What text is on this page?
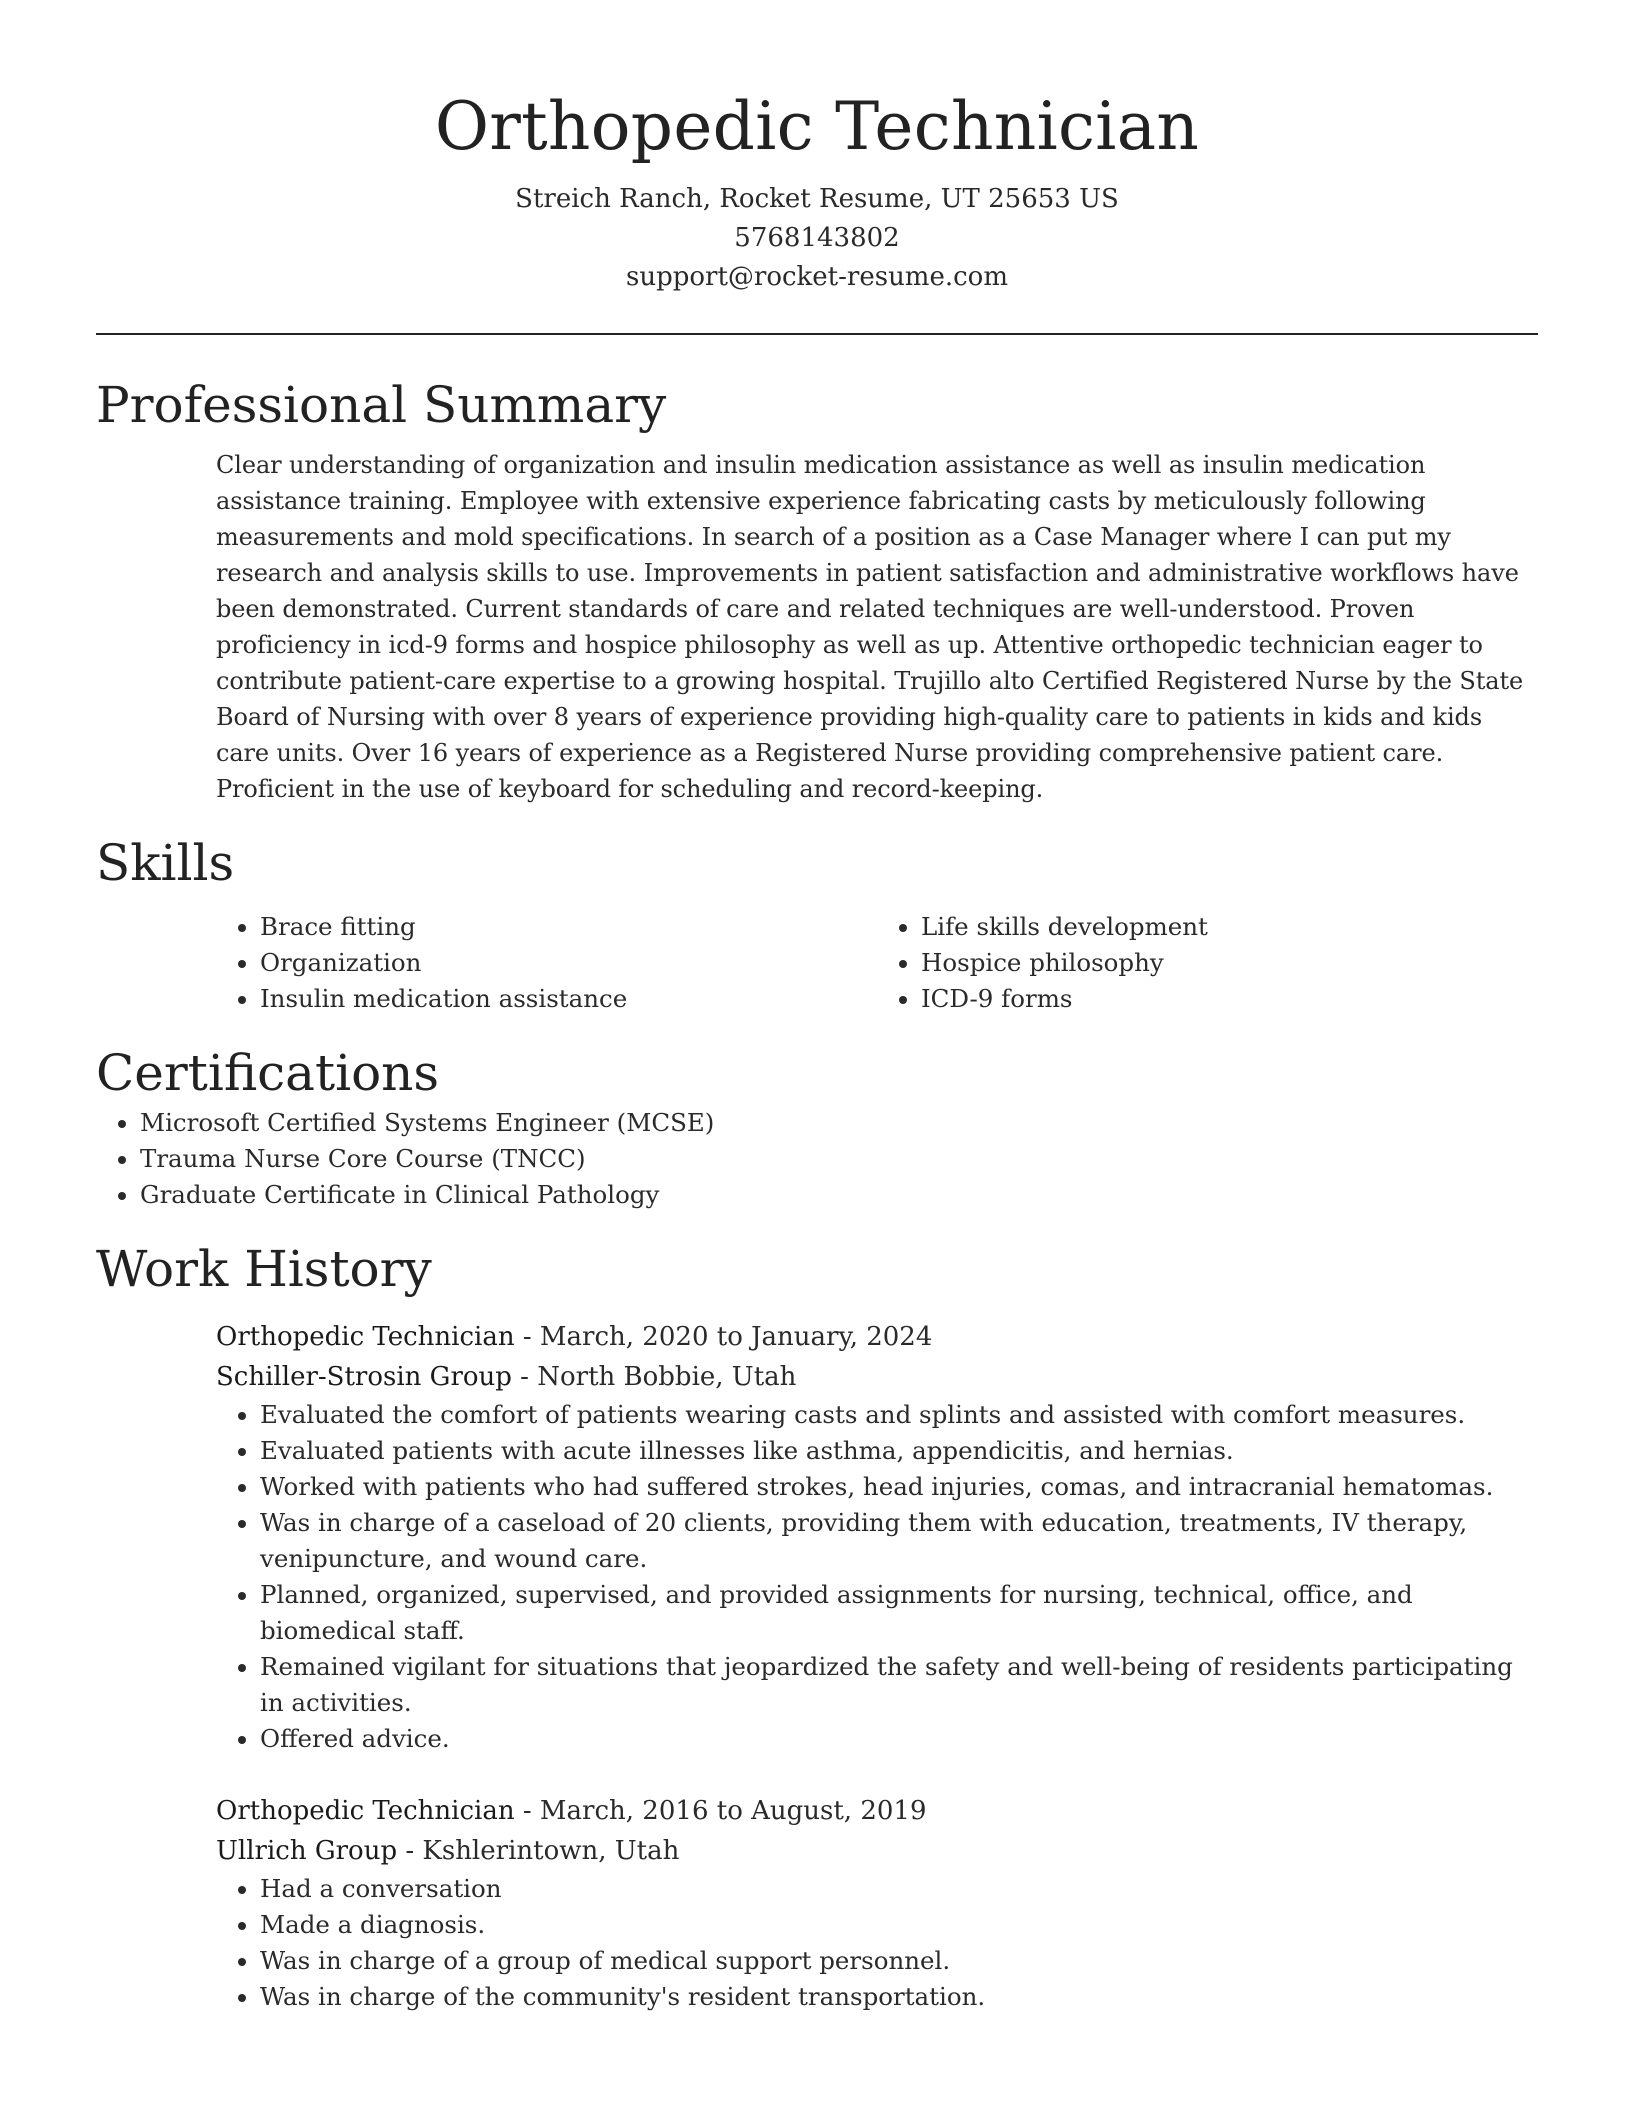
Orthopedic Technician
Streich Ranch, Rocket Resume, UT 25653 US
5768143802
support@rocket-resume.com
Professional Summary
Clear understanding of organization and insulin medication assistance as well as insulin medication assistance training. Employee with extensive experience fabricating casts by meticulously following measurements and mold specifications. In search of a position as a Case Manager where I can put my research and analysis skills to use. Improvements in patient satisfaction and administrative workflows have been demonstrated. Current standards of care and related techniques are well-understood. Proven proficiency in icd-9 forms and hospice philosophy as well as up. Attentive orthopedic technician eager to contribute patient-care expertise to a growing hospital. Trujillo alto Certified Registered Nurse by the State Board of Nursing with over 8 years of experience providing high-quality care to patients in kids and kids care units. Over 16 years of experience as a Registered Nurse providing comprehensive patient care. Proficient in the use of keyboard for scheduling and record-keeping.
Skills
• Brace fitting
• Organization
• Insulin medication assistance
• Life skills development
• Hospice philosophy
• ICD-9 forms
Certifications
• Microsoft Certified Systems Engineer (MCSE)
• Trauma Nurse Core Course (TNCC)
• Graduate Certificate in Clinical Pathology
Work History
Orthopedic Technician - March, 2020 to January, 2024
Schiller-Strosin Group - North Bobbie, Utah
• Evaluated the comfort of patients wearing casts and splints and assisted with comfort measures.
• Evaluated patients with acute illnesses like asthma, appendicitis, and hernias.
• Worked with patients who had suffered strokes, head injuries, comas, and intracranial hematomas.
• Was in charge of a caseload of 20 clients, providing them with education, treatments, IV therapy, venipuncture, and wound care.
• Planned, organized, supervised, and provided assignments for nursing, technical, office, and biomedical staff.
• Remained vigilant for situations that jeopardized the safety and well-being of residents participating in activities.
• Offered advice.
Orthopedic Technician - March, 2016 to August, 2019
Ullrich Group - Kshlerintown, Utah
• Had a conversation
• Made a diagnosis.
• Was in charge of a group of medical support personnel.
• Was in charge of the community's resident transportation.
